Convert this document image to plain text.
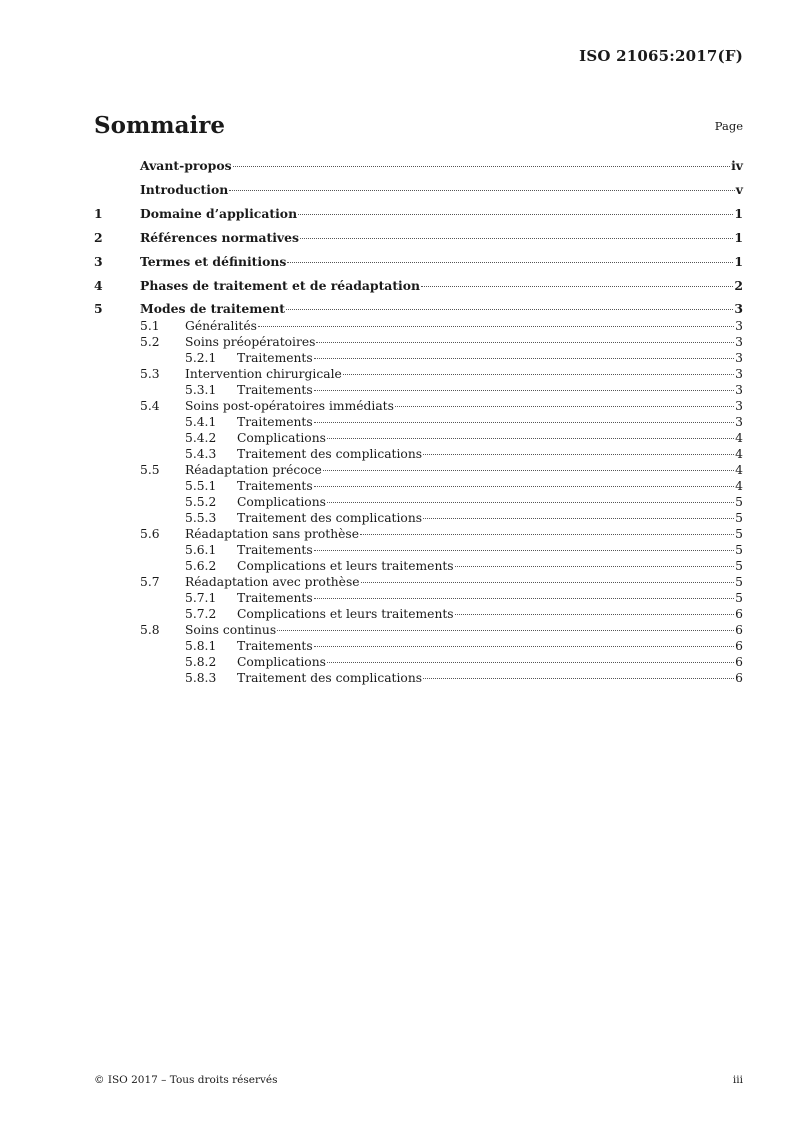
ISO 21065:2017(F)
Sommaire	Page
Avant-propos	iv
Introduction	v
1	Domaine d’application	1
2	Références normatives	1
3	Termes et définitions	1
4	Phases de traitement et de réadaptation	2
5	Modes de traitement	3
5.1	Généralités	3
5.2	Soins préopératoires	3
5.2.1	Traitements	3
5.3	Intervention chirurgicale	3
5.3.1	Traitements	3
5.4	Soins post-opératoires immédiats	3
5.4.1	Traitements	3
5.4.2	Complications	4
5.4.3	Traitement des complications	4
5.5	Réadaptation précoce	4
5.5.1	Traitements	4
5.5.2	Complications	5
5.5.3	Traitement des complications	5
5.6	Réadaptation sans prothèse	5
5.6.1	Traitements	5
5.6.2	Complications et leurs traitements	5
5.7	Réadaptation avec prothèse	5
5.7.1	Traitements	5
5.7.2	Complications et leurs traitements	6
5.8	Soins continus	6
5.8.1	Traitements	6
5.8.2	Complications	6
5.8.3	Traitement des complications	6
© ISO 2017 – Tous droits réservés	iii
